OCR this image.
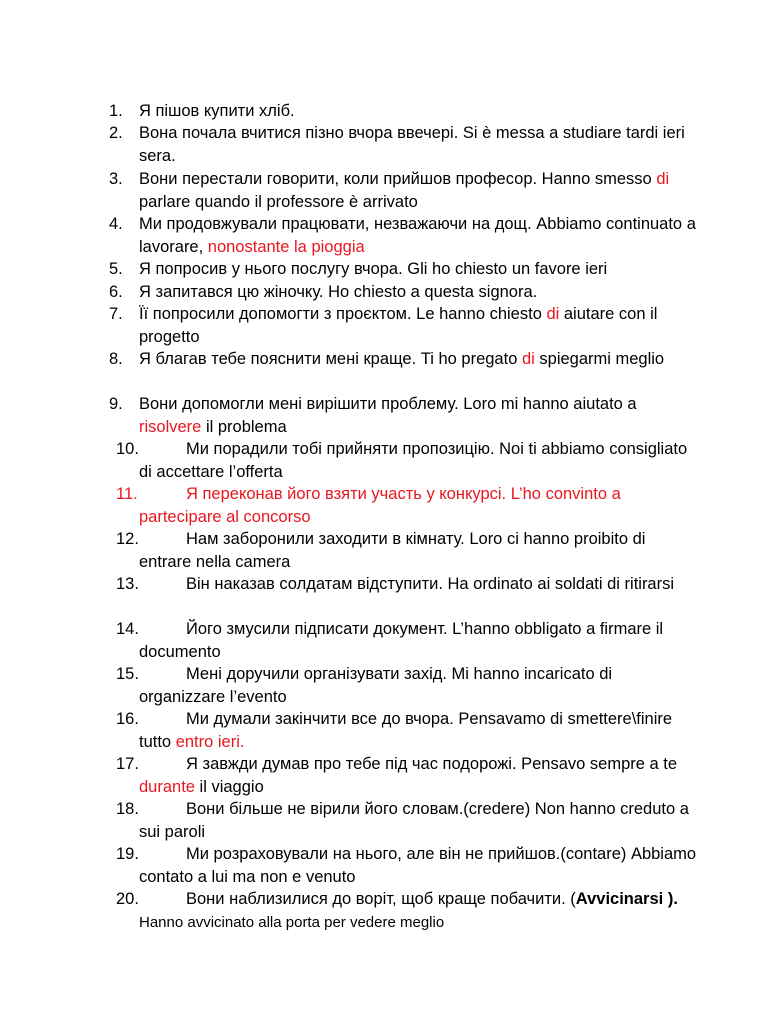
1. Я пішов купити хліб.
2. Вона почала вчитися пізно вчора ввечері. Si è messa a studiare tardi ieri sera.
3. Вони перестали говорити, коли прийшов професор. Hanno smesso di parlare quando il professore è arrivato
4. Ми продовжували працювати, незважаючи на дощ. Abbiamo continuato a lavorare, nonostante la pioggia
5. Я попросив у нього послугу вчора. Gli ho chiesto un favore ieri
6. Я запитався цю жіночку. Ho chiesto a questa signora.
7. Її попросили допомогти з проєктом. Le hanno chiesto di aiutare con il progetto
8. Я благав тебе пояснити мені краще. Ti ho pregato di spiegarmi meglio
9. Вони допомогли мені вирішити проблему. Loro mi hanno aiutato a risolvere il problema
10.	Ми порадили тобі прийняти пропозицію. Noi ti abbiamo consigliato di accettare l’offerta
11.	Я переконав його взяти участь у конкурсі. L’ho convinto a partecipare al concorso
12.	Нам заборонили заходити в кімнату. Loro ci hanno proibito di entrare nella camera
13.	Він наказав солдатам відступити. Ha ordinato ai soldati di ritirarsi
14.	Його змусили підписати документ. L’hanno obbligato a firmare il documento
15.	Мені доручили організувати захід. Mi hanno incaricato di organizzare l’evento
16.	Ми думали закінчити все до вчора. Pensavamo di smettere\finire tutto entro ieri.
17.	Я завжди думав про тебе під час подорожі. Pensavo sempre a te durante il viaggio
18.	Вони більше не вірили його словам.(credere) Non hanno creduto a sui paroli
19.	Ми розраховували на нього, але він не прийшов.(contare) Abbiamo contato a lui ma non e venuto
20.	Вони наблизилися до воріт, щоб краще побачити. (Avvicinarsi ). Hanno avvicinato alla porta per vedere meglio
